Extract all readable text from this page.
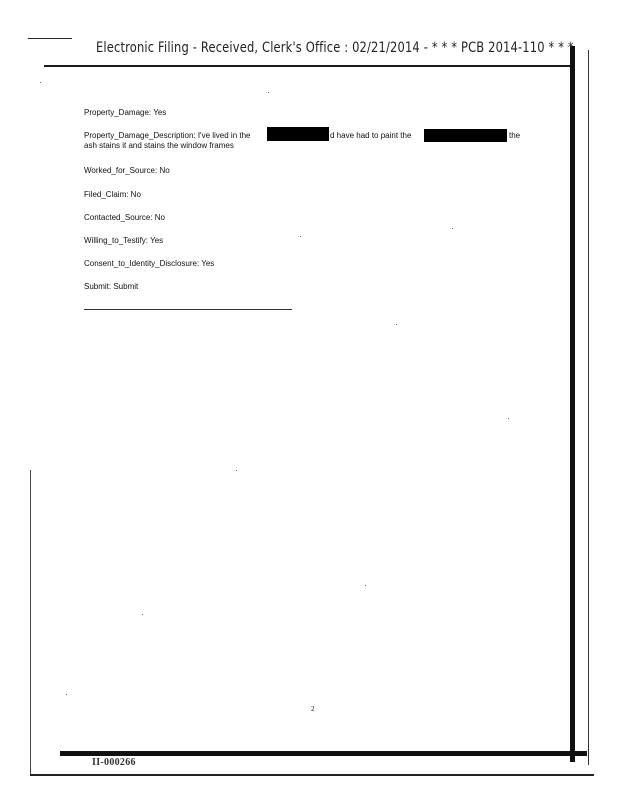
Electronic Filing - Received, Clerk's Office : 02/21/2014 - * * * PCB 2014-110 * * *
Property_Damage: Yes
Property_Damage_Description: I've lived in the	d have had to paint the	the
ash stains it and stains the window frames
Worked_for_Source: No
Filed_Claim: No
Contacted_Source: No
Willing_to_Testify: Yes
Consent_to_Identity_Disclosure: Yes
Submit: Submit
2
II-000266
